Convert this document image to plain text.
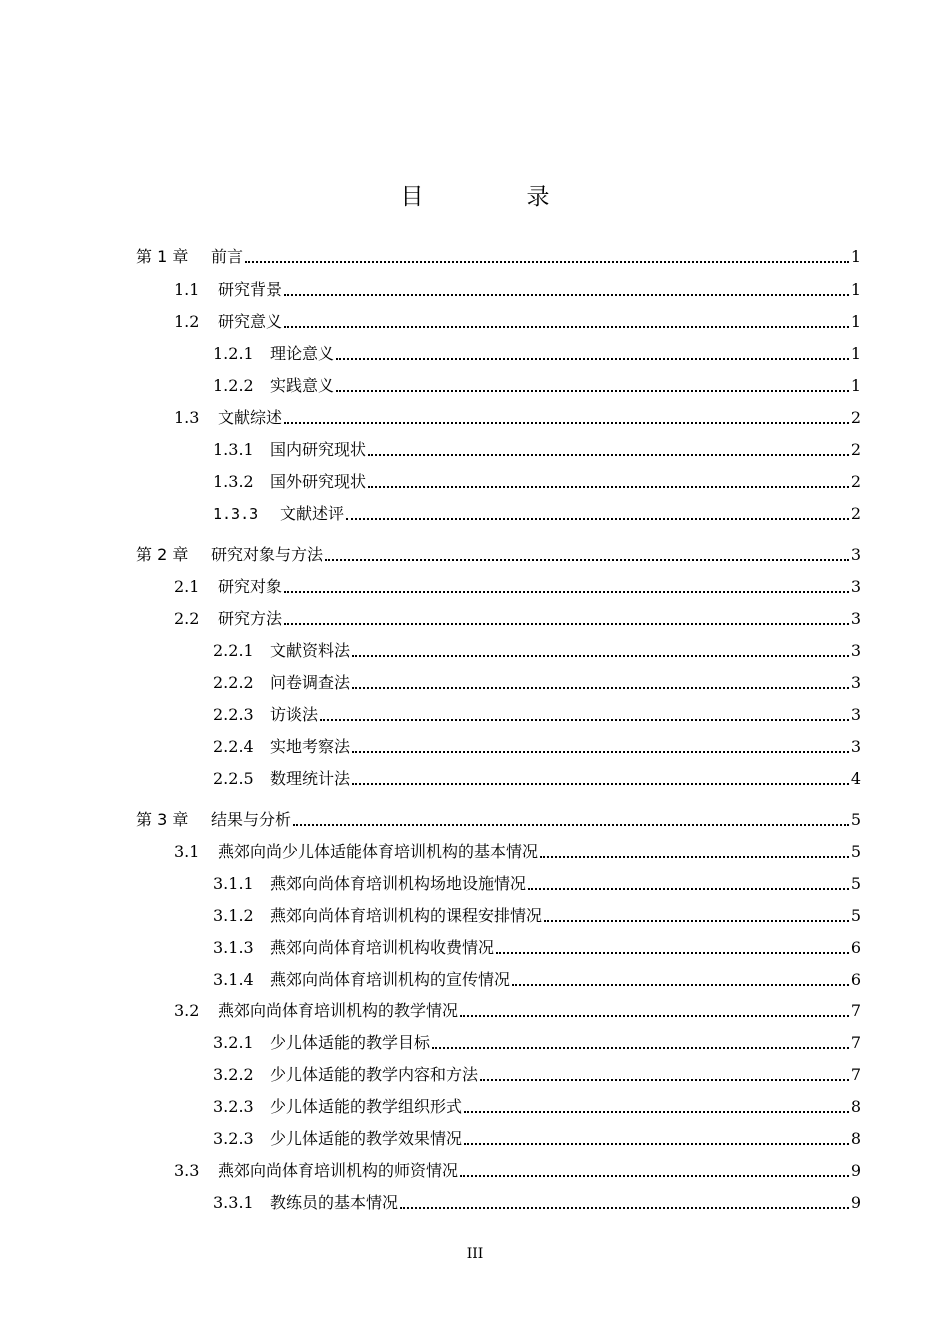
目　录
第 1 章	前言	1
1.1	研究背景	1
1.2	研究意义	1
1.2.1	理论意义	1
1.2.2	实践意义	1
1.3	文献综述	2
1.3.1	国内研究现状	2
1.3.2	国外研究现状	2
1.3.3	文献述评	2
第 2 章	研究对象与方法	3
2.1	研究对象	3
2.2	研究方法	3
2.2.1	文献资料法	3
2.2.2	问卷调查法	3
2.2.3	访谈法	3
2.2.4	实地考察法	3
2.2.5	数理统计法	4
第 3 章	结果与分析	5
3.1	燕郊向尚少儿体适能体育培训机构的基本情况	5
3.1.1	燕郊向尚体育培训机构场地设施情况	5
3.1.2	燕郊向尚体育培训机构的课程安排情况	5
3.1.3	燕郊向尚体育培训机构收费情况	6
3.1.4	燕郊向尚体育培训机构的宣传情况	6
3.2	燕郊向尚体育培训机构的教学情况	7
3.2.1	少儿体适能的教学目标	7
3.2.2	少儿体适能的教学内容和方法	7
3.2.3	少儿体适能的教学组织形式	8
3.2.3	少儿体适能的教学效果情况	8
3.3	燕郊向尚体育培训机构的师资情况	9
3.3.1	教练员的基本情况	9
III
